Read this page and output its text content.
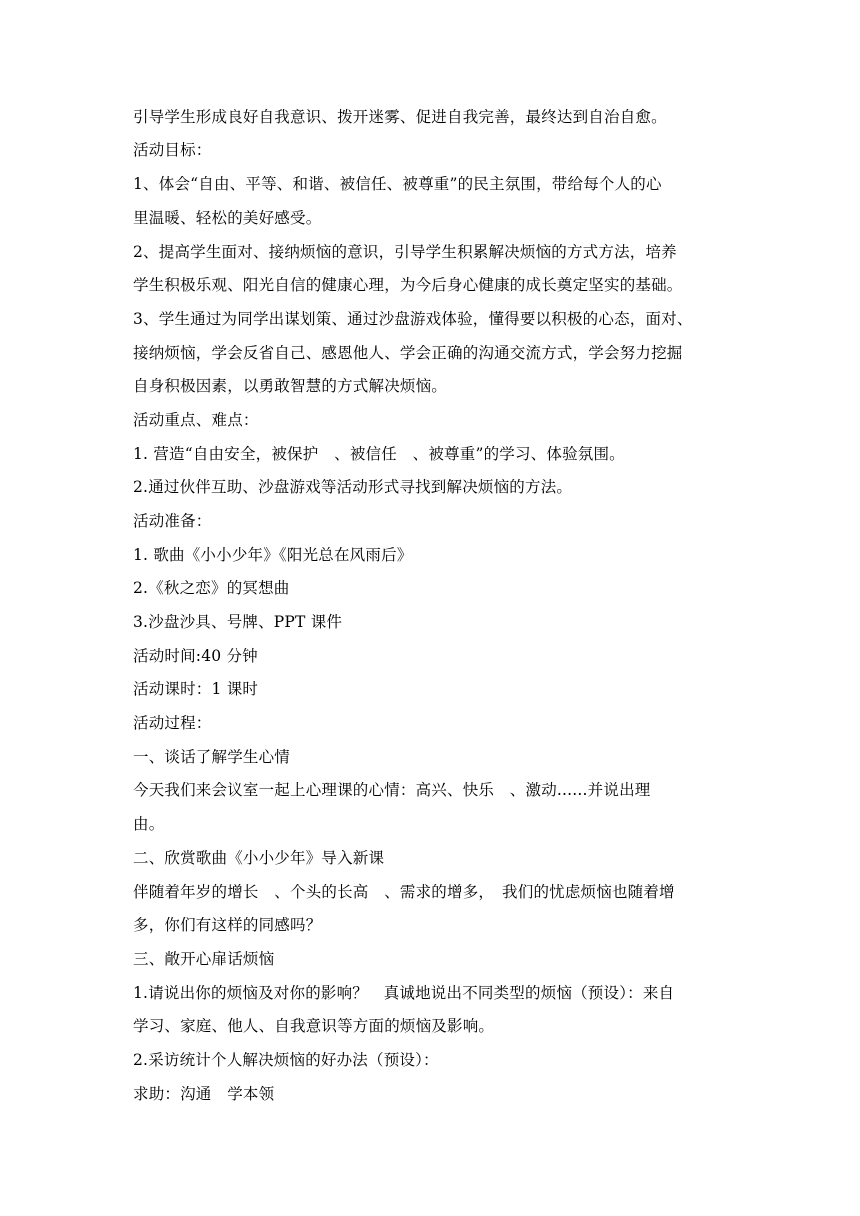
引导学生形成良好自我意识、拨开迷雾、促进自我完善，最终达到自治自愈。
活动目标：
1、体会“自由、平等、和谐、被信任、被尊重”的民主氛围，带给每个人的心
里温暖、轻松的美好感受。
2、提高学生面对、接纳烦恼的意识，引导学生积累解决烦恼的方式方法，培养
学生积极乐观、阳光自信的健康心理，为今后身心健康的成长奠定坚实的基础。
3、学生通过为同学出谋划策、通过沙盘游戏体验，懂得要以积极的心态，面对、
接纳烦恼，学会反省自己、感恩他人、学会正确的沟通交流方式，学会努力挖掘
自身积极因素，以勇敢智慧的方式解决烦恼。
活动重点、难点：
1. 营造“自由安全，被保护　、被信任　、被尊重”的学习、体验氛围。
2.通过伙伴互助、沙盘游戏等活动形式寻找到解决烦恼的方法。
活动准备：
1. 歌曲《小小少年》《阳光总在风雨后》
2.《秋之恋》的冥想曲
3.沙盘沙具、号牌、PPT 课件
活动时间:40 分钟
活动课时：1 课时
活动过程：
一、谈话了解学生心情
今天我们来会议室一起上心理课的心情：高兴、快乐　、激动......并说出理
由。
二、欣赏歌曲《小小少年》导入新课
伴随着年岁的增长　、个头的长高　、需求的增多，　我们的忧虑烦恼也随着增
多，你们有这样的同感吗？
三、敞开心扉话烦恼
1.请说出你的烦恼及对你的影响？　真诚地说出不同类型的烦恼（预设）：来自
学习、家庭、他人、自我意识等方面的烦恼及影响。
2.采访统计个人解决烦恼的好办法（预设）：
求助：沟通　学本领
